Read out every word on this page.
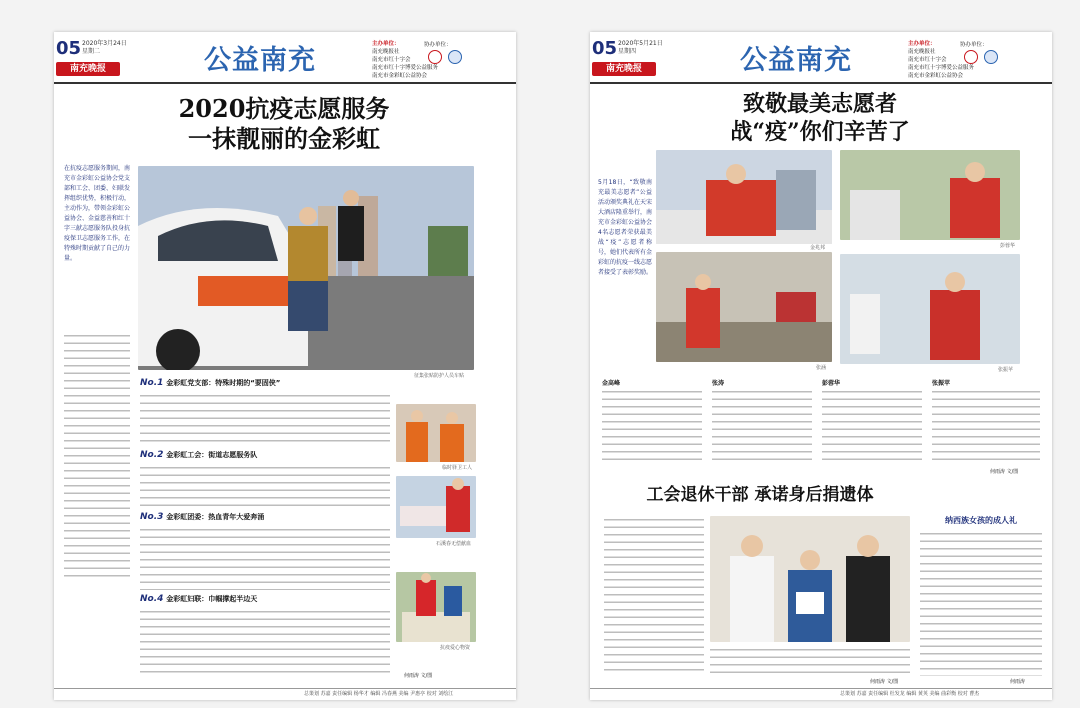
05 2020年3月24日
星期二
南充晚报	公益南充
主办单位：
南充晚报社
南充市红十字会
南充市红十字博爱公益服务
南充市金彩虹公益协会
协办单位：
2020抗疫志愿服务
一抹靓丽的金彩虹
在抗疫志愿服务期间，南充市金彩虹公益协会党支部和工会、团委、妇联发挥组织优势，积极行动，主动作为，带领金彩虹公益协会、金益慈善和红十字三献志愿服务队投身抗疫保卫志愿服务工作，在特殊时期贡献了自己的力量。
征集张贴防护人员车贴
No.1 金彩虹党支部：特殊时期的“要固侠”
No.2 金彩虹工会：街道志愿服务队
No.3 金彩虹团委：热血青年大爱奔涌
No.4 金彩虹妇联：巾帼撑起半边天
临时驿卫工人
石溪春无偿献血
抗疫爱心物资
何雨涛 文/图
总策划 苏嘉 责任编辑 杨华才 编辑 冯春燕 美编 尹惠亭 校对 刘绘江
05 2020年5月21日
星期四
南充晚报	公益南充
主办单位：
南充晚报社
南充市红十字会
南充市红十字博爱公益服务
南充市金彩虹公益协会
协办单位：
致敬最美志愿者
战“疫”你们辛苦了
5月18日，“致敬南充最美志愿者”公益活动颁奖典礼在天宋大酒店隆重举行，南充市金彩虹公益协会4名志愿者荣获最美战“疫”志愿者称号，她们代表所有金彩虹的抗疫一线志愿者接受了表彰奖励。
金兆邦	彭蓉华
张涵	张振苹
金高峰	张涛	彭蓉华	张振苹
何雨涛 文/图
工会退休干部 承诺身后捐遗体
何雨涛 文/图
纳西族女孩的成人礼
何雨涛
总策划 苏嘉 责任编辑 杜发龙 编辑 黄英 美编 曲彩衡 校对 曹杰
